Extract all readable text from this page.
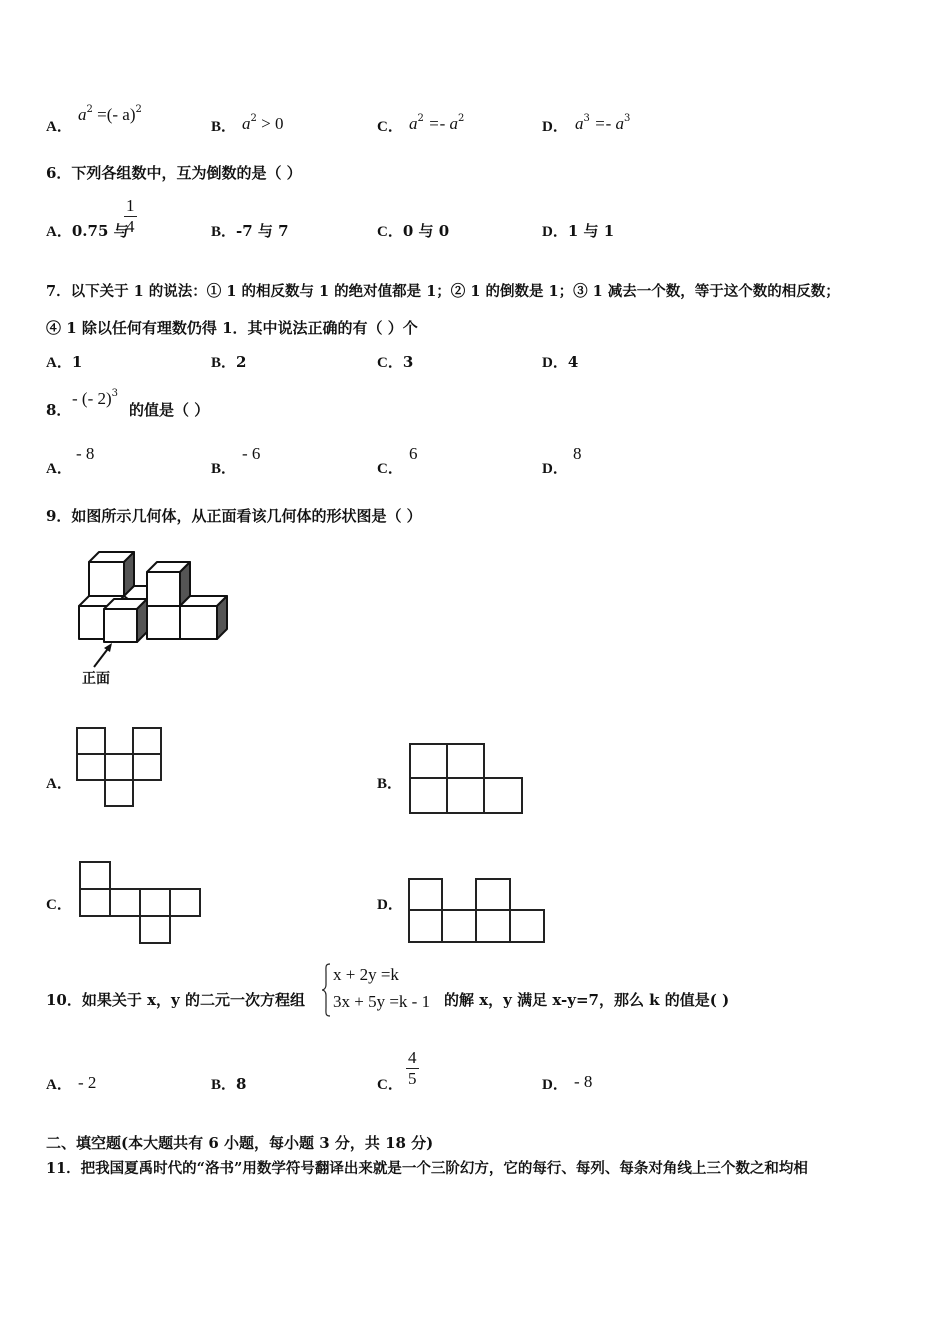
A．
$a^2$ =(- a)$^2$
B． $a^2 > 0$	C． $a^2 =- a^2$
D． $a^3 =- a^3$
6．下列各组数中，互为倒数的是（ ）
A．0.75 与
$\frac{1}{4}$	B．-7 与 7	C．0 与 0	D．1 与 1
7．以下关于 1 的说法：① 1 的相反数与 1 的绝对值都是 1；② 1 的倒数是 1；③ 1 减去一个数，等于这个数的相反数；
④ 1 除以任何有理数仍得 1．其中说法正确的有（ ）个
A．1	B．2	C．3	D．4
8．
- (- 2)$^3$
的值是（ ）
A．
- 8
B．
- 6
C．
6
D．
8
9．如图所示几何体，从正面看该几何体的形状图是（ ）
正面
A．	B．
C．	D．
10．如果关于 x，y 的二元一次方程组
x + 2y =k
3x + 5y =k - 1 的解 x，y 满足 x-y=7，那么 k 的值是( )
A． - 2	B．8	C． $\frac{4}{5}$	D． - 8
二、填空题(本大题共有 6 小题，每小题 3 分，共 18 分)
11．把我国夏禹时代的“洛书”用数学符号翻译出来就是一个三阶幻方，它的每行、每列、每条对角线上三个数之和均相
